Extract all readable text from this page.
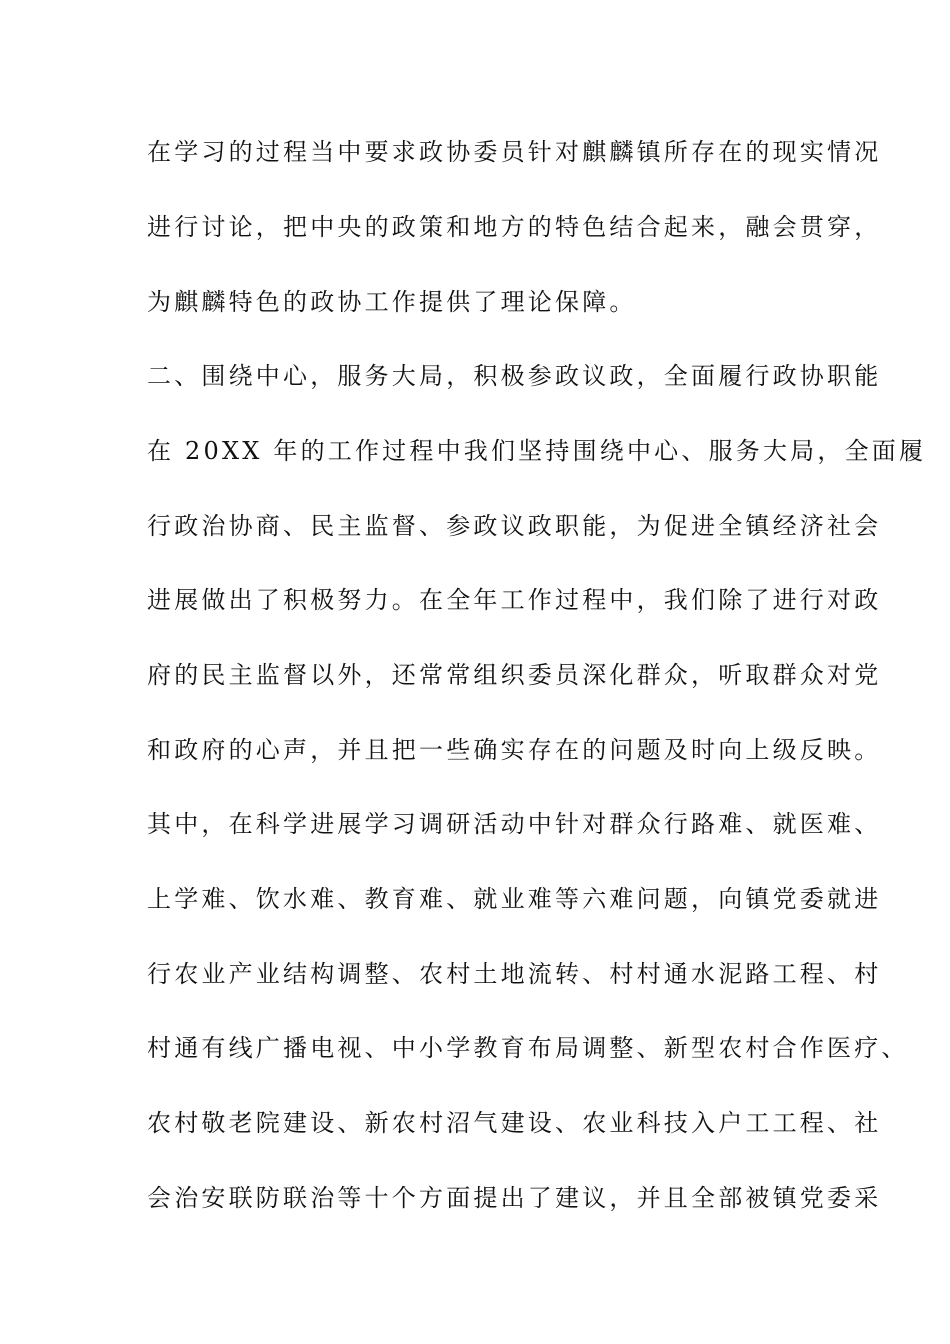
在学习的过程当中要求政协委员针对麒麟镇所存在的现实情况
进行讨论，把中央的政策和地方的特色结合起来，融会贯穿，
为麒麟特色的政协工作提供了理论保障。
二、围绕中心，服务大局，积极参政议政，全面履行政协职能
在 20XX 年的工作过程中我们坚持围绕中心、服务大局，全面履
行政治协商、民主监督、参政议政职能，为促进全镇经济社会
进展做出了积极努力。在全年工作过程中，我们除了进行对政
府的民主监督以外，还常常组织委员深化群众，听取群众对党
和政府的心声，并且把一些确实存在的问题及时向上级反映。
其中，在科学进展学习调研活动中针对群众行路难、就医难、
上学难、饮水难、教育难、就业难等六难问题，向镇党委就进
行农业产业结构调整、农村土地流转、村村通水泥路工程、村
村通有线广播电视、中小学教育布局调整、新型农村合作医疗、
农村敬老院建设、新农村沼气建设、农业科技入户工工程、社
会治安联防联治等十个方面提出了建议，并且全部被镇党委采
